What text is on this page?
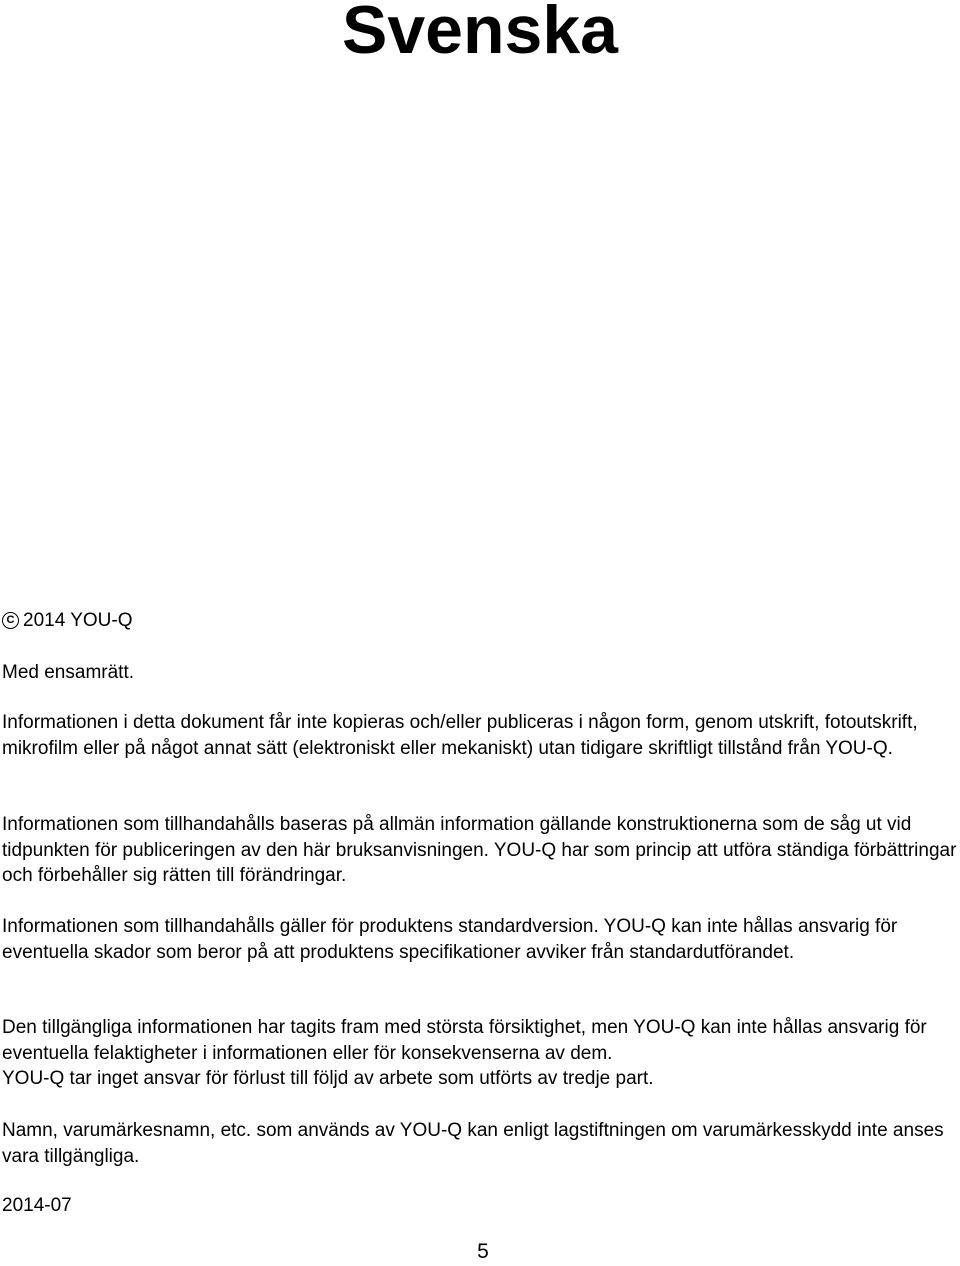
Svenska
C 2014 YOU-Q

Med ensamrätt.

Informationen i detta dokument får inte kopieras och/eller publiceras i någon form, genom utskrift, fotoutskrift, mikrofilm eller på något annat sätt (elektroniskt eller mekaniskt) utan tidigare skriftligt tillstånd från YOU-Q.

Informationen som tillhandahålls baseras på allmän information gällande konstruktionerna som de såg ut vid tidpunkten för publiceringen av den här bruksanvisningen. YOU-Q har som princip att utföra ständiga förbättringar och förbehåller sig rätten till förändringar.

Informationen som tillhandahålls gäller för produktens standardversion. YOU-Q kan inte hållas ansvarig för eventuella skador som beror på att produktens specifikationer avviker från standardutförandet.

Den tillgängliga informationen har tagits fram med största försiktighet, men YOU-Q kan inte hållas ansvarig för eventuella felaktigheter i informationen eller för konsekvenserna av dem.
YOU-Q tar inget ansvar för förlust till följd av arbete som utförts av tredje part.

Namn, varumärkesnamn, etc. som används av YOU-Q kan enligt lagstiftningen om varumärkesskydd inte anses vara tillgängliga.

2014-07

5
